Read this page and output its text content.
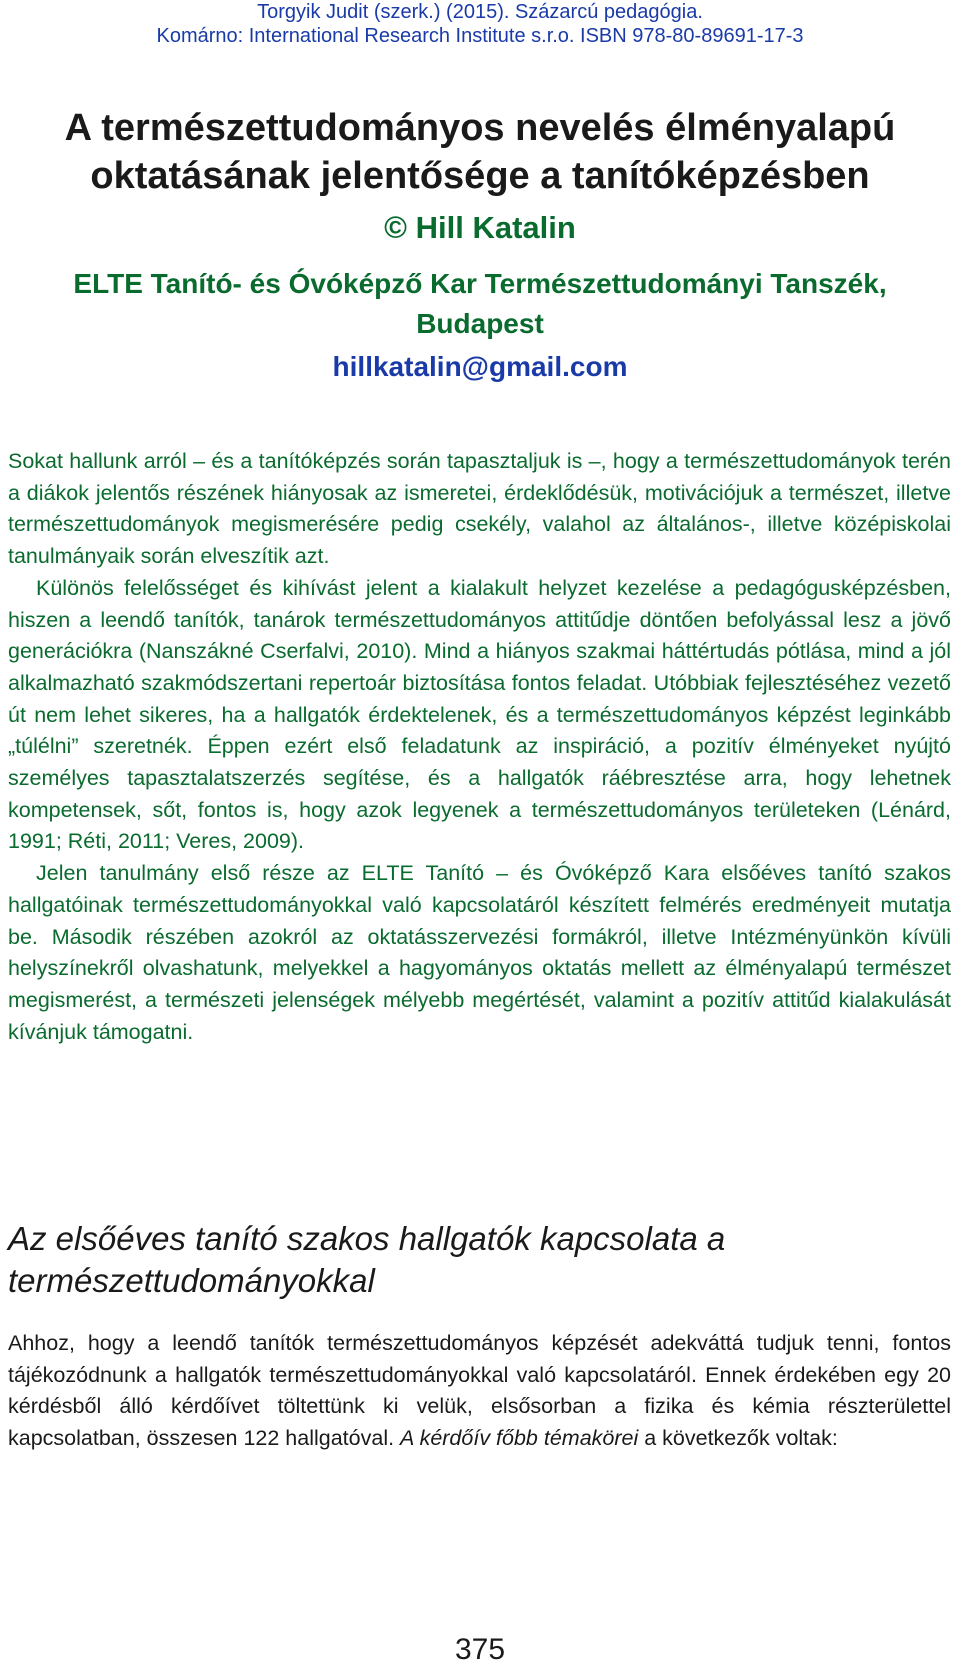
Torgyik Judit (szerk.) (2015). Százarcú pedagógia.
Komárno: International Research Institute s.r.o. ISBN 978-80-89691-17-3
A természettudományos nevelés élményalapú
oktatásának jelentősége a tanítóképzésben
© Hill Katalin
ELTE Tanító- és Óvóképző Kar Természettudományi Tanszék,
Budapest
hillkatalin@gmail.com

Sokat hallunk arról – és a tanítóképzés során tapasztaljuk is –, hogy a természettudományok terén a diákok jelentős részének hiányosak az ismeretei, érdeklődésük, motivációjuk a természet, illetve természettudományok megismerésére pedig csekély, valahol az általános-, illetve középiskolai tanulmányaik során elveszítik azt.

Különös felelősséget és kihívást jelent a kialakult helyzet kezelése a pedagógusképzésben, hiszen a leendő tanítók, tanárok természettudományos attitűdje döntően befolyással lesz a jövő generációkra (Nanszákné Cserfalvi, 2010). Mind a hiányos szakmai háttértudás pótlása, mind a jól alkalmazható szakmódszertani repertoár biztosítása fontos feladat. Utóbbiak fejlesztéséhez vezető út nem lehet sikeres, ha a hallgatók érdektelenek, és a természettudományos képzést leginkább „túlélni” szeretnék. Éppen ezért első feladatunk az inspiráció, a pozitív élményeket nyújtó személyes tapasztalatszerzés segítése, és a hallgatók ráébresztése arra, hogy lehetnek kompetensek, sőt, fontos is, hogy azok legyenek a természettudományos területeken (Lénárd, 1991; Réti, 2011; Veres, 2009).

Jelen tanulmány első része az ELTE Tanító – és Óvóképző Kara elsőéves tanító szakos hallgatóinak természettudományokkal való kapcsolatáról készített felmérés eredményeit mutatja be. Második részében azokról az oktatásszervezési formákról, illetve Intézményünkön kívüli helyszínekről olvashatunk, melyekkel a hagyományos oktatás mellett az élményalapú természet megismerést, a természeti jelenségek mélyebb megértését, valamint a pozitív attitűd kialakulását kívánjuk támogatni.

Az elsőéves tanító szakos hallgatók kapcsolata a természettudományokkal

Ahhoz, hogy a leendő tanítók természettudományos képzését adekváttá tudjuk tenni, fontos tájékozódnunk a hallgatók természettudományokkal való kapcsolatáról. Ennek érdekében egy 20 kérdésből álló kérdőívet töltettünk ki velük, elsősorban a fizika és kémia részterülettel kapcsolatban, összesen 122 hallgatóval. A kérdőív főbb témakörei a következők voltak:

375
